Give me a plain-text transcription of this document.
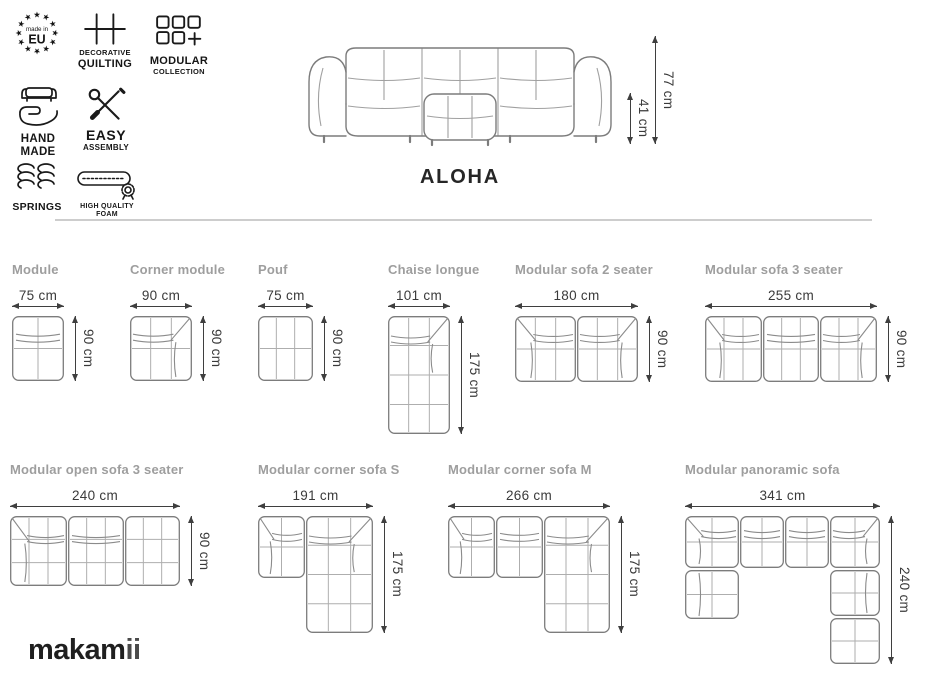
★ ★
★
★
★
★
★
★
★
★
★
★
made in
EU
DECORATIVE
QUILTING MODULAR
COLLECTION
HAND
MADE
EASY
ASSEMBLY
SPRINGS	HIGH QUALITY
FOAM
41 cm
77 cm
ALOHA
Module
75 cm
90 cm
Corner module
90 cm
90 cm
Pouf
75 cm
90 cm
Chaise longue
101 cm
175 cm
Modular sofa 2 seater
180 cm
90 cm
Modular sofa 3 seater
255 cm
90 cm
Modular open sofa 3 seater
240 cm
90 cm
Modular corner sofa S
191 cm
175 cm
Modular corner sofa M
266 cm
175 cm
Modular panoramic sofa
341 cm
240 cm
makamii
